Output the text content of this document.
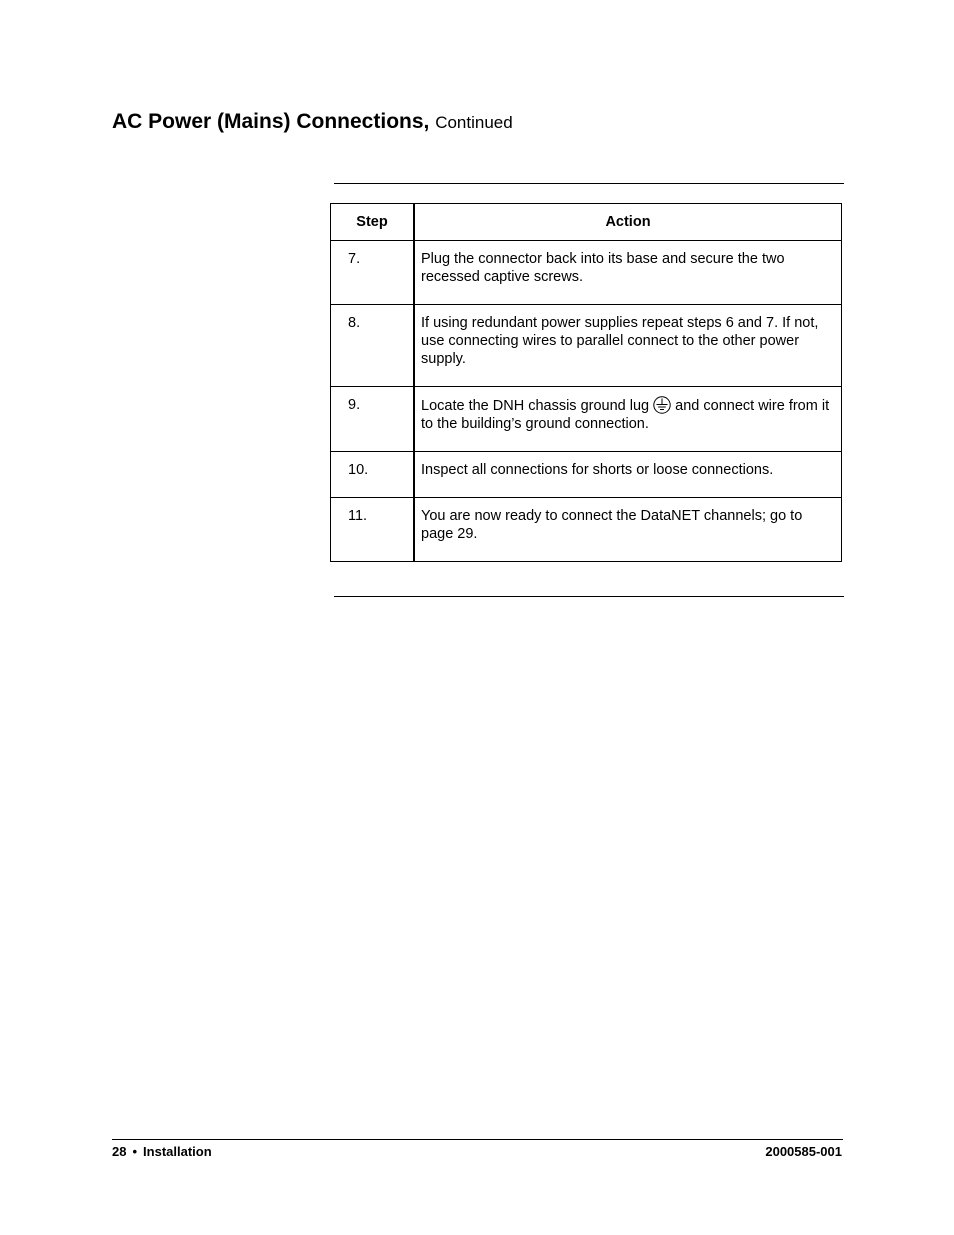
AC Power (Mains) Connections, Continued
Step	Action
7.	Plug the connector back into its base and secure the two recessed captive screws.
8.	If using redundant power supplies repeat steps 6 and 7. If not, use connecting wires to parallel connect to the other power supply.
9.	Locate the DNH chassis ground lug and connect wire from it to the building’s ground connection.
10.	Inspect all connections for shorts or loose connections.
11.	You are now ready to connect the DataNET channels; go to page 29.
28 • Installation	2000585-001
